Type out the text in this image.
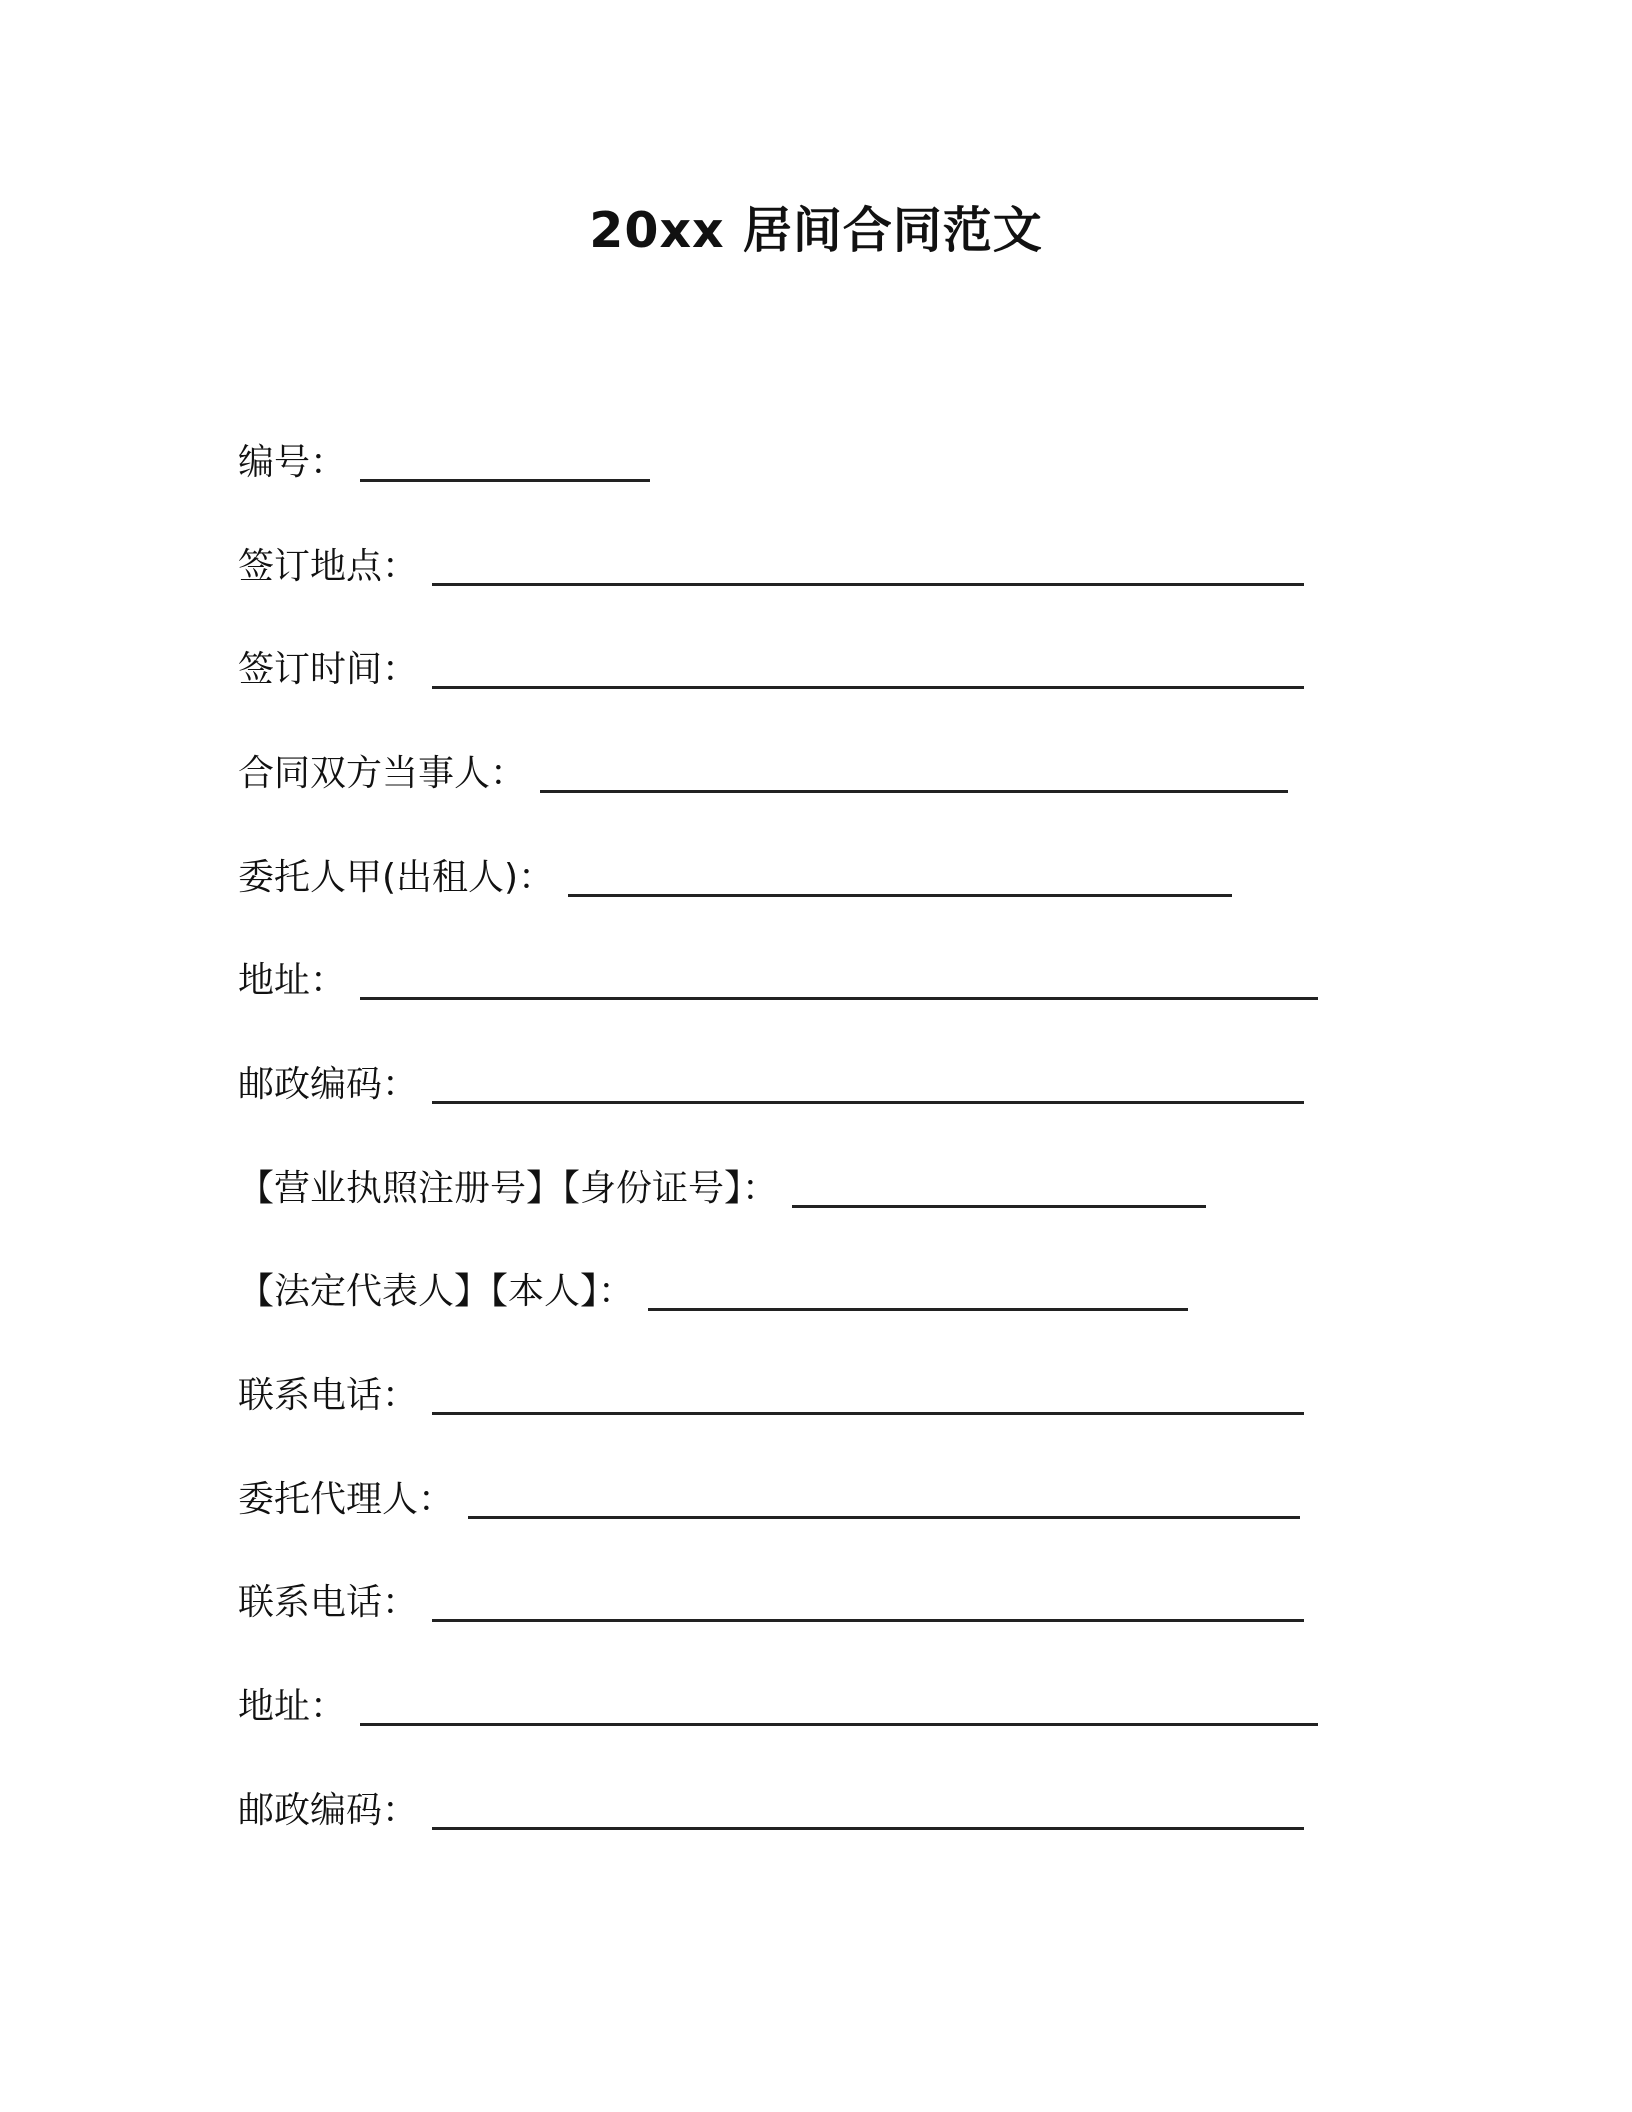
20xx 居间合同范文
编号：
签订地点：
签订时间：
合同双方当事人：
委托人甲(出租人)：
地址：
邮政编码：
【营业执照注册号】【身份证号】：
【法定代表人】【本人】：
联系电话：
委托代理人：
联系电话：
地址：
邮政编码：
